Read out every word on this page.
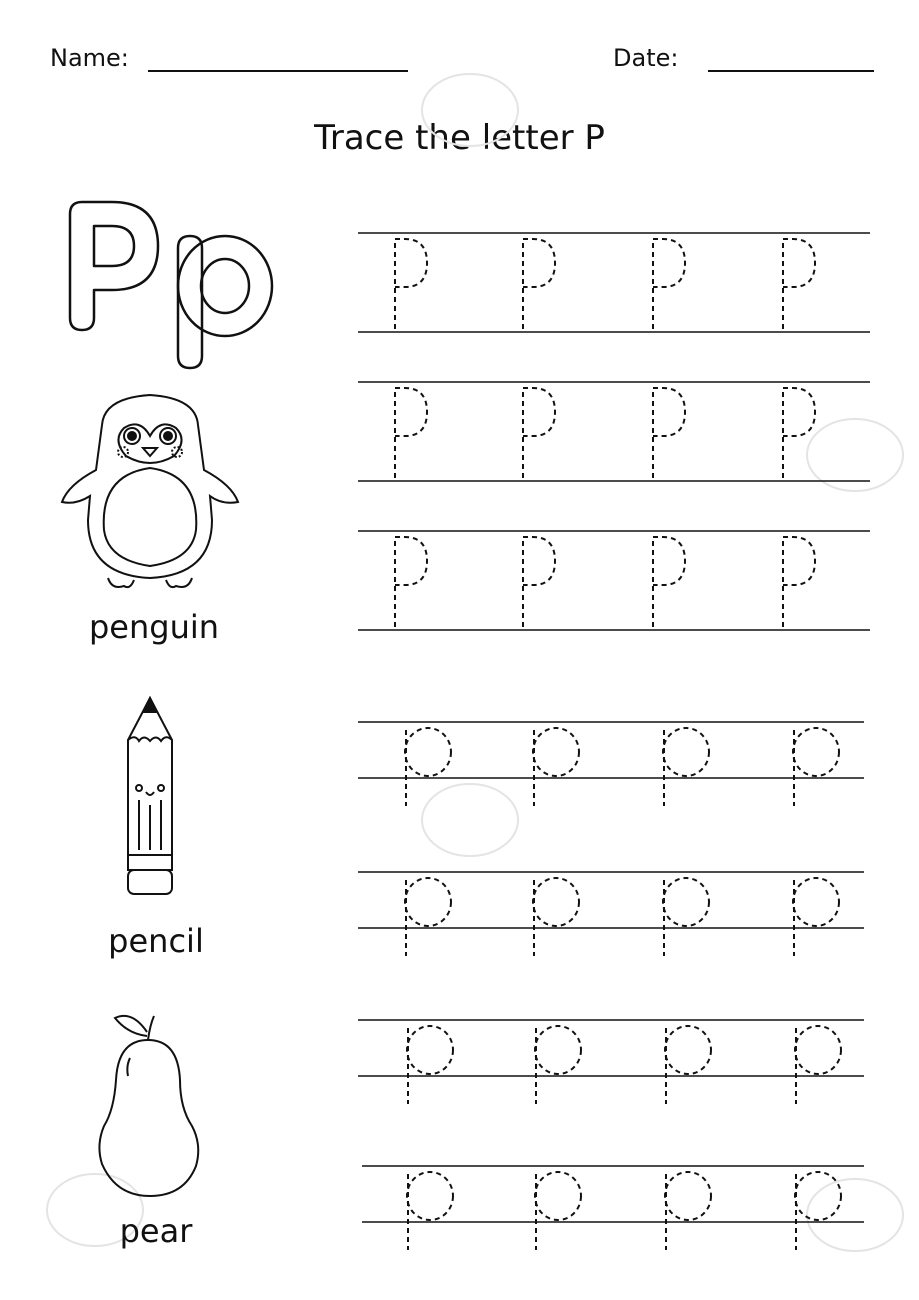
Name:	Date:
Trace the letter P
penguin
pencil
pear
